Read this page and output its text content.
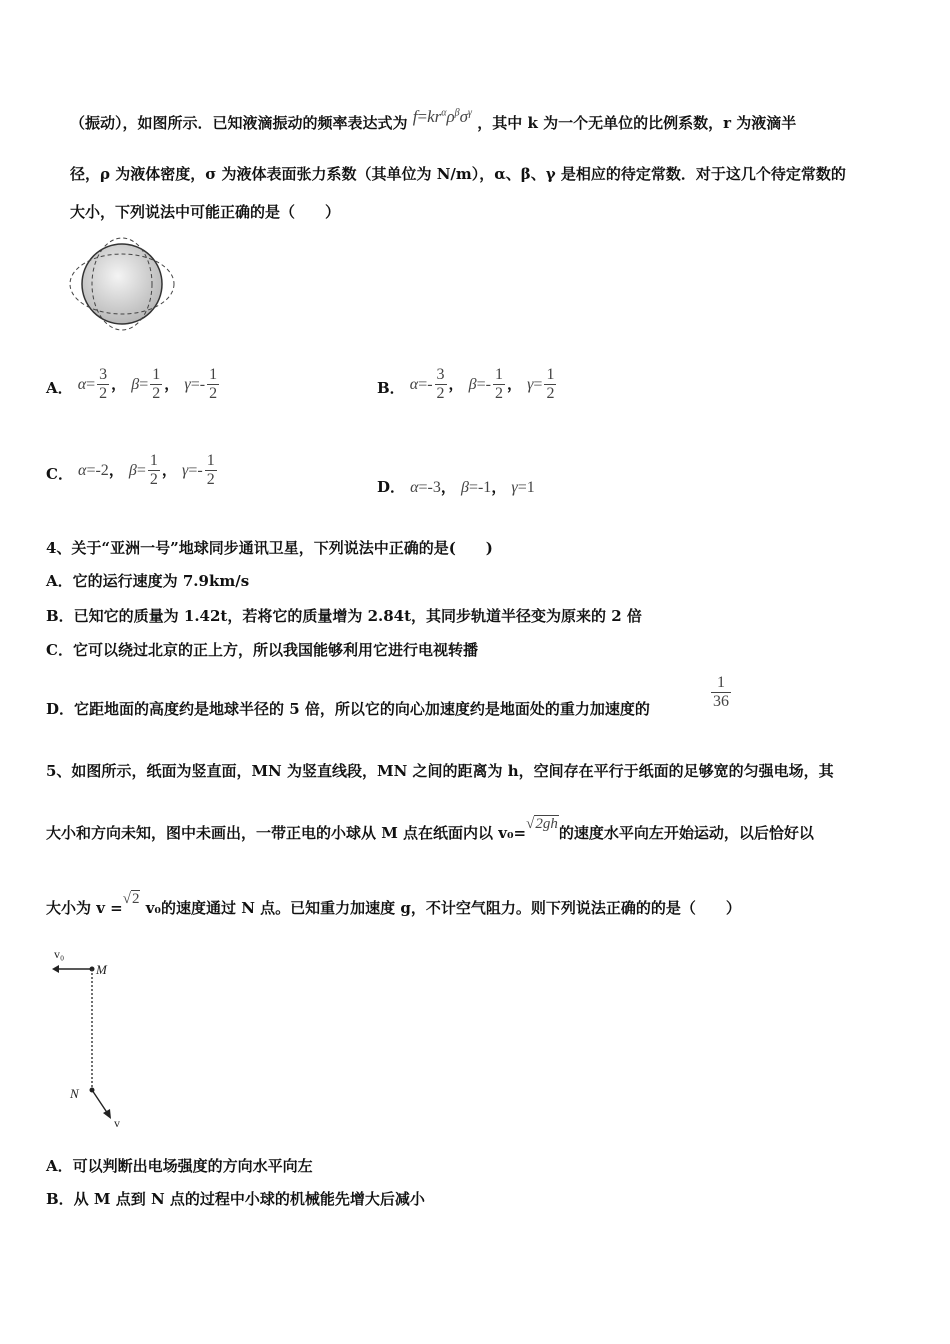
（振动），如图所示．已知液滴振动的频率表达式为 $f=kr^\alpha\rho^\beta\sigma^\gamma$ ，其中 k 为一个无单位的比例系数，r 为液滴半
径，ρ 为液体密度，σ 为液体表面张力系数（其单位为 N/m），α、β、γ 是相应的待定常数．对于这几个待定常数的
大小，下列说法中可能正确的是（　　）
A． $\alpha= \frac{3}{2}$ ， $\beta= \frac{1}{2}$ ， $\gamma=- \frac{1}{2}$	B． $\alpha=- \frac{3}{2}$ ， $\beta=- \frac{1}{2}$ ， $\gamma= \frac{1}{2}$
C． α=-2， $\beta= \frac{1}{2}$ ， $\gamma=- \frac{1}{2}$	D． α=-3， β=-1， γ=1
4、关于“亚洲一号”地球同步通讯卫星，下列说法中正确的是(　　)
A．它的运行速度为 7.9km/s
B．已知它的质量为 1.42t，若将它的质量增为 2.84t，其同步轨道半径变为原来的 2 倍
C．它可以绕过北京的正上方，所以我国能够利用它进行电视转播
D．它距地面的高度约是地球半径的 5 倍，所以它的向心加速度约是地面处的重力加速度的	$\frac{1}{36}$
5、如图所示，纸面为竖直面，MN 为竖直线段，MN 之间的距离为 h，空间存在平行于纸面的足够宽的匀强电场，其
大小和方向未知，图中未画出，一带正电的小球从 M 点在纸面内以 v₀=√2gh的速度水平向左开始运动，以后恰好以
大小为 v =√2 v₀的速度通过 N 点。已知重力加速度 g，不计空气阻力。则下列说法正确的的是（　　）
v₀
M
N
v
A．可以判断出电场强度的方向水平向左
B．从 M 点到 N 点的过程中小球的机械能先增大后减小
